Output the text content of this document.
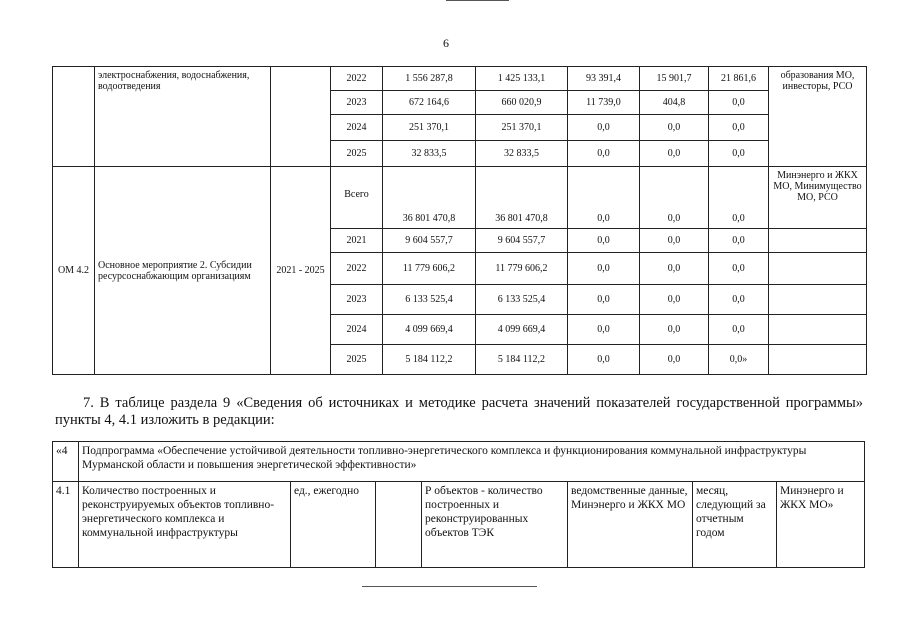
6
	электроснабжения, водоснабжения, водоотведения		2022	1 556 287,8	1 425 133,1	93 391,4	15 901,7	21 861,6	образования МО, инвесторы, РСО
			2023	672 164,6	660 020,9	11 739,0	404,8	0,0	
			2024	251 370,1	251 370,1	0,0	0,0	0,0	
			2025	32 833,5	32 833,5	0,0	0,0	0,0	
ОМ 4.2	Основное мероприятие 2. Субсидии ресурсоснабжающим организациям	2021 - 2025	Всего	36 801 470,8	36 801 470,8	0,0	0,0	0,0	Минэнерго и ЖКХ МО, Минимущество МО, РСО
			2021	9 604 557,7	9 604 557,7	0,0	0,0	0,0	
			2022	11 779 606,2	11 779 606,2	0,0	0,0	0,0	
			2023	6 133 525,4	6 133 525,4	0,0	0,0	0,0	
			2024	4 099 669,4	4 099 669,4	0,0	0,0	0,0	
			2025	5 184 112,2	5 184 112,2	0,0	0,0	0,0»	
7. В таблице раздела 9 «Сведения об источниках и методике расчета значений показателей государственной программы» пункты 4, 4.1 изложить в редакции:
«4	Подпрограмма «Обеспечение устойчивой деятельности топливно-энергетического комплекса и функционирования коммунальной инфраструктуры Мурманской области и повышения энергетической эффективности»						
4.1	Количество построенных и реконструируемых объектов топливно-энергетического комплекса и коммунальной инфраструктуры	ед., ежегодно		Р объектов - количество построенных и реконструированных объектов ТЭК	ведомственные данные, Минэнерго и ЖКХ МО	месяц, следующий за отчетным годом	Минэнерго и ЖКХ МО»
